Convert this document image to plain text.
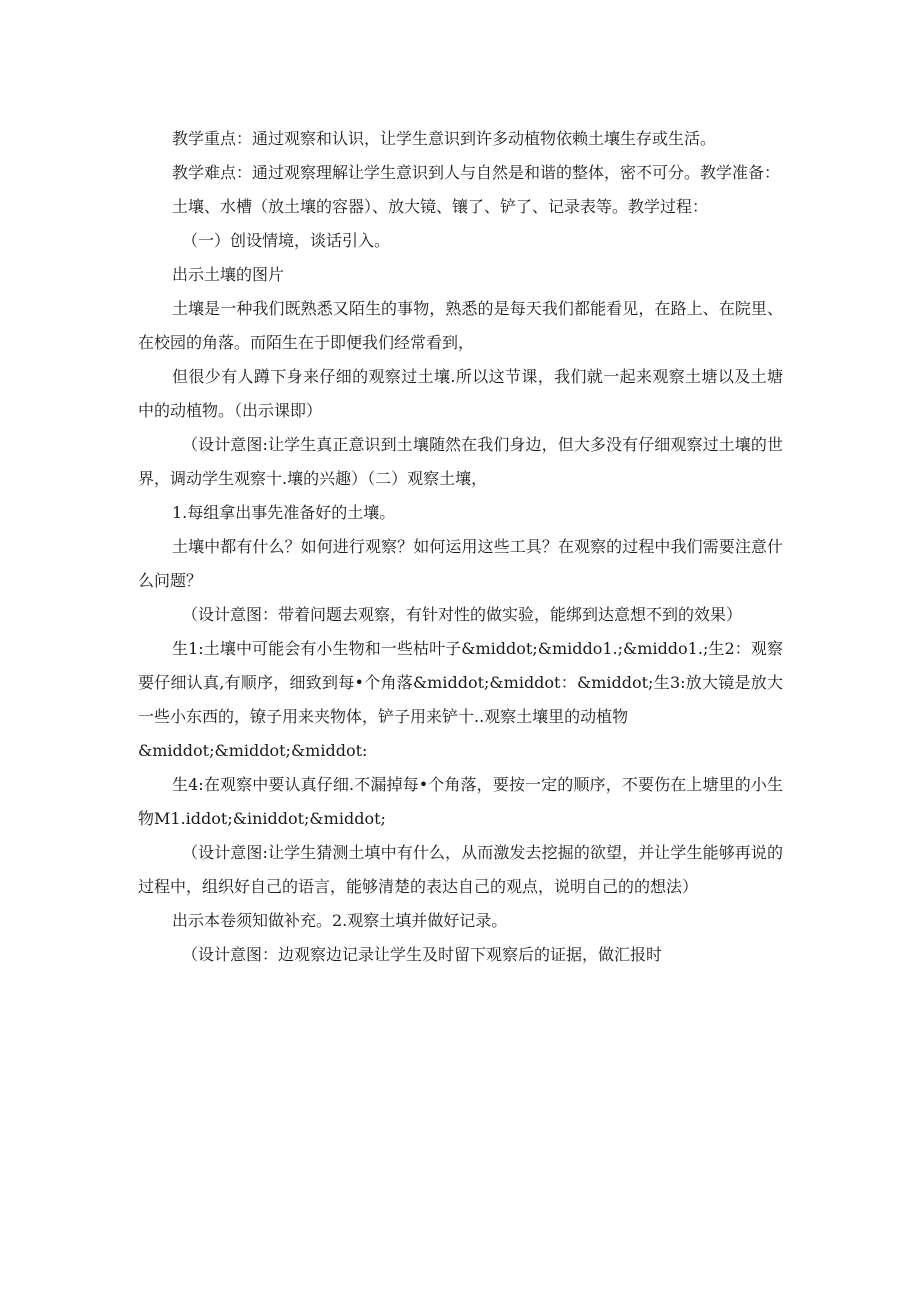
教学重点：通过观察和认识，让学生意识到许多动植物依赖土壤生存或生活。

教学难点：通过观察理解让学生意识到人与自然是和谐的整体，密不可分。教学准备：

土壤、水槽（放土壤的容器）、放大镜、镶了、铲了、记录表等。教学过程：

（一）创设情境，谈话引入。

出示土壤的图片

土壤是一种我们既熟悉又陌生的事物，熟悉的是每天我们都能看见，在路上、在院里、在校园的角落。而陌生在于即便我们经常看到，

但很少有人蹲下身来仔细的观察过土壤.所以这节课，我们就一起来观察土塘以及土塘中的动植物。（出示课即）

（设计意图:让学生真正意识到土壤随然在我们身边，但大多没有仔细观察过土壤的世界，调动学生观察十.壤的兴趣）（二）观察土壤，

1.每组拿出事先准备好的土壤。

土壤中都有什么？如何进行观察？如何运用这些工具？在观察的过程中我们需要注意什么问题？

（设计意图：带着问题去观察，有针对性的做实验，能绑到达意想不到的效果）

生1:土壤中可能会有小生物和一些枯叶子&middot;&middo1.;&middo1.;生2：观察要仔细认真,有顺序，细致到每•个角落&middot;&middot：&middot;生3:放大镜是放大一些小东西的，镣子用来夹物体，铲子用来铲十..观察土壤里的动植物

&middot;&middot;&middot:

生4:在观察中要认真仔细.不漏掉每•个角落，要按一定的顺序，不要伤在上塘里的小生物M1.iddot;&iniddot;&middot;

（设计意图:让学生猜测土填中有什么，从而激发去挖掘的欲望，并让学生能够再说的过程中，组织好自己的语言，能够清楚的表达自己的观点，说明自己的的想法）

出示本卷须知做补充。2.观察土填并做好记录。

（设计意图：边观察边记录让学生及时留下观察后的证据，做汇报时
